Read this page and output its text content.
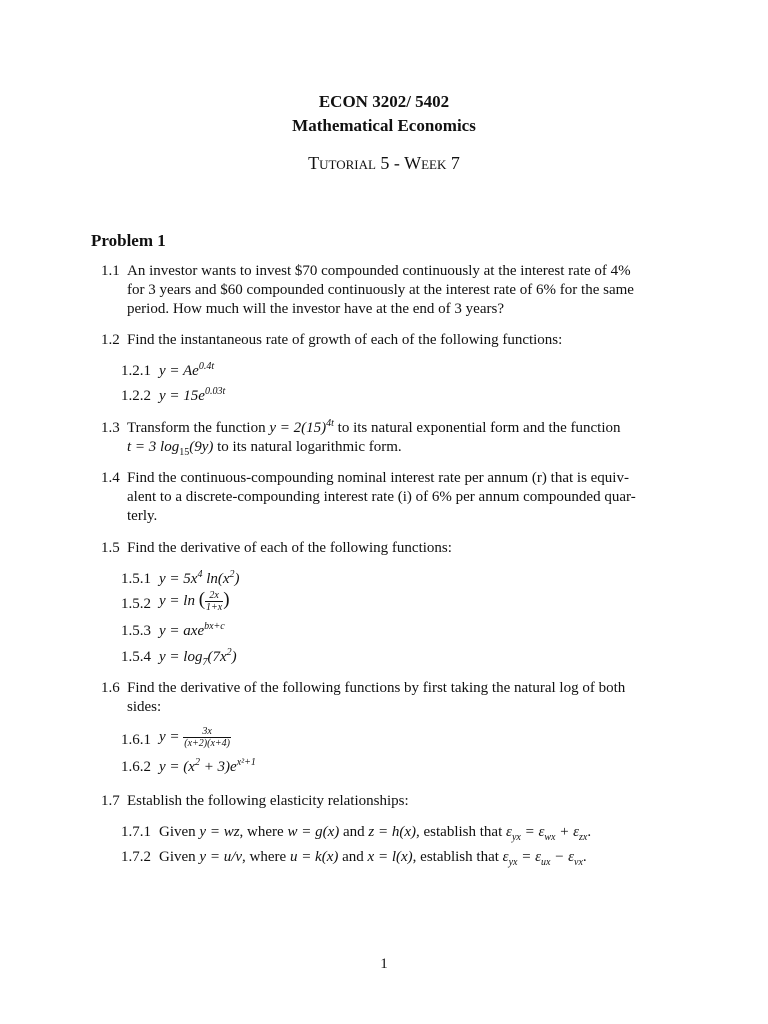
ECON 3202/ 5402
Mathematical Economics
Tutorial 5 - Week 7
Problem 1
1.1 An investor wants to invest $70 compounded continuously at the interest rate of 4%
for 3 years and $60 compounded continuously at the interest rate of 6% for the same
period. How much will the investor have at the end of 3 years?
1.2 Find the instantaneous rate of growth of each of the following functions:
1.2.1 $y = Ae^{0.4t}$
1.2.2 $y = 15e^{0.03t}$
1.3 Transform the function $y = 2(15)^{4t}$ to its natural exponential form and the function
t = 3 $\log_{15}(9y)$ to its natural logarithmic form.
1.4 Find the continuous-compounding nominal interest rate per annum (r) that is equiv-
alent to a discrete-compounding interest rate (i) of 6% per annum compounded quar-
terly.
1.5 Find the derivative of each of the following functions:
1.5.1 $y = 5x^4$ $\ln(x^2)$
1.5.2 y = ln ( $\frac{2x}{1+x}$ )
1.5.3 y = axe$^{bx+c}$
1.5.4 $y = \log_7(7x^2)$
1.6 Find the derivative of the following functions by first taking the natural log of both
sides:
1.6.1 $y = \frac{3x}{(x+2)(x+4)}$
1.6.2 $y = (x^2 + 3)e^{x^2+1}$
1.7 Establish the following elasticity relationships:
1.7.1 Given y = wz, where w = g(x) and z = h(x), establish that $\varepsilon_{yx} = \varepsilon_{wx} + \varepsilon_{zx}$.
1.7.2 Given y = u/v, where u = k(x) and x = l(x), establish that $\varepsilon_{yx} = \varepsilon_{ux} - \varepsilon_{vx}$.
1
